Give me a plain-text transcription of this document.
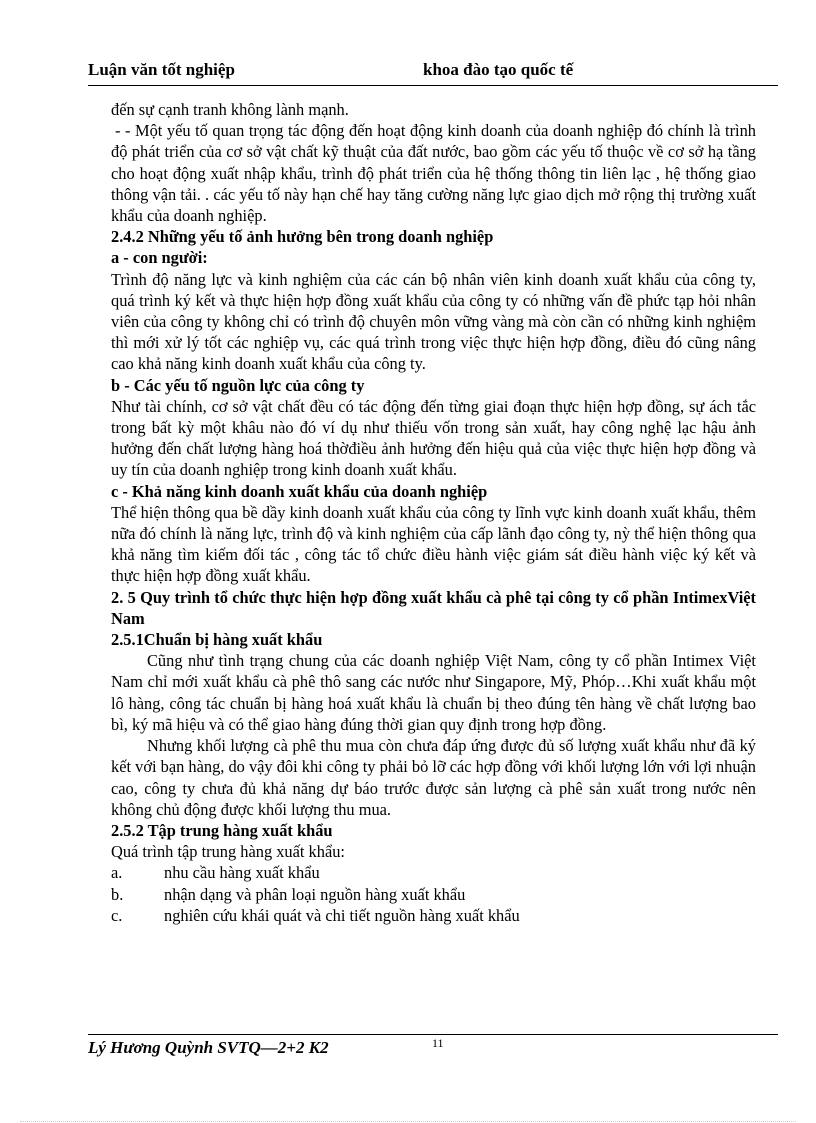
Luận văn tốt nghiệp	khoa đào tạo quốc tế

đến sự cạnh tranh không lành mạnh.

- - Một yếu tố quan trọng tác động đến hoạt động kinh doanh của doanh nghiệp đó chính là trình độ phát triển của cơ sở vật chất kỹ thuật của đất nước, bao gồm các yếu tố thuộc về cơ sở hạ tầng cho hoạt động xuất nhập khẩu, trình độ phát triển của hệ thống thông tin liên lạc , hệ thống giao thông vận tải. . các yếu tố này hạn chế hay tăng cường năng lực giao dịch mở rộng thị trường xuất khẩu của doanh nghiệp.

2.4.2 Những yếu tố ảnh hưởng bên trong doanh nghiệp

a - con người:

Trình độ năng lực và kinh nghiệm của các cán bộ nhân viên kinh doanh xuất khẩu của công ty, quá trình ký kết và thực hiện hợp đồng xuất khẩu của công ty có những vấn đề phức tạp hỏi nhân viên của công ty không chỉ có trình độ chuyên môn vững vàng mà còn cần có những kinh nghiệm thì mới xử lý tốt các nghiệp vụ, các quá trình trong việc thực hiện hợp đồng, điều đó cũng nâng cao khả năng kinh doanh xuất khẩu của công ty.

b - Các yếu tố nguồn lực của công ty

Như tài chính, cơ sở vật chất đều có tác động đến từng giai đoạn thực hiện hợp đồng, sự ách tắc trong bất kỳ một khâu nào đó ví dụ như thiếu vốn trong sản xuất, hay công nghệ lạc hậu ảnh hưởng đến chất lượng hàng hoá thờđiều ảnh hưởng đến hiệu quả của việc thực hiện hợp đồng và uy tín của doanh nghiệp trong kinh doanh xuất khẩu.

c - Khả năng kinh doanh xuất khẩu của doanh nghiệp

Thể hiện thông qua bề dầy kinh doanh xuất khẩu của công ty lĩnh vực kinh doanh xuất khẩu, thêm nữa đó chính là năng lực, trình độ và kinh nghiệm của cấp lãnh đạo công ty, nỳ thể hiện thông qua khả năng tìm kiếm đối tác , công tác tổ chức điều hành việc giám sát điều hành việc ký kết và thực hiện hợp đồng xuất khẩu.

2. 5 Quy trình tổ chức thực hiện hợp đồng xuất khẩu cà phê tại công ty cổ phần IntimexViệt Nam

2.5.1Chuẩn bị hàng xuất khẩu

Cũng như tình trạng chung của các doanh nghiệp Việt Nam, công ty cổ phần Intimex Việt Nam chỉ mới xuất khẩu cà phê thô sang các nước như Singapore, Mỹ, Phóp…Khi xuất khẩu một lô hàng, công tác chuẩn bị hàng hoá xuất khẩu là chuẩn bị theo đúng tên hàng về chất lượng bao bì, ký mã hiệu và có thể giao hàng đúng thời gian quy định trong hợp đồng.

Nhưng khối lượng cà phê thu mua còn chưa đáp ứng được đủ số lượng xuất khẩu như đã ký kết với bạn hàng, do vậy đôi khi công ty phải bỏ lỡ các hợp đồng với khối lượng lớn với lợi nhuận cao, công ty chưa đủ khả năng dự báo trước được sản lượng cà phê sản xuất trong nước nên không chủ động được khối lượng thu mua.

2.5.2 Tập trung hàng xuất khẩu

Quá trình tập trung hàng xuất khẩu:

a.	nhu cầu hàng xuất khẩu
b.	nhận dạng và phân loại nguồn hàng xuất khẩu
c.	nghiên cứu khái quát và chi tiết nguồn hàng xuất khẩu
Lý Hương Quỳnh SVTQ—2+2 K2	11
